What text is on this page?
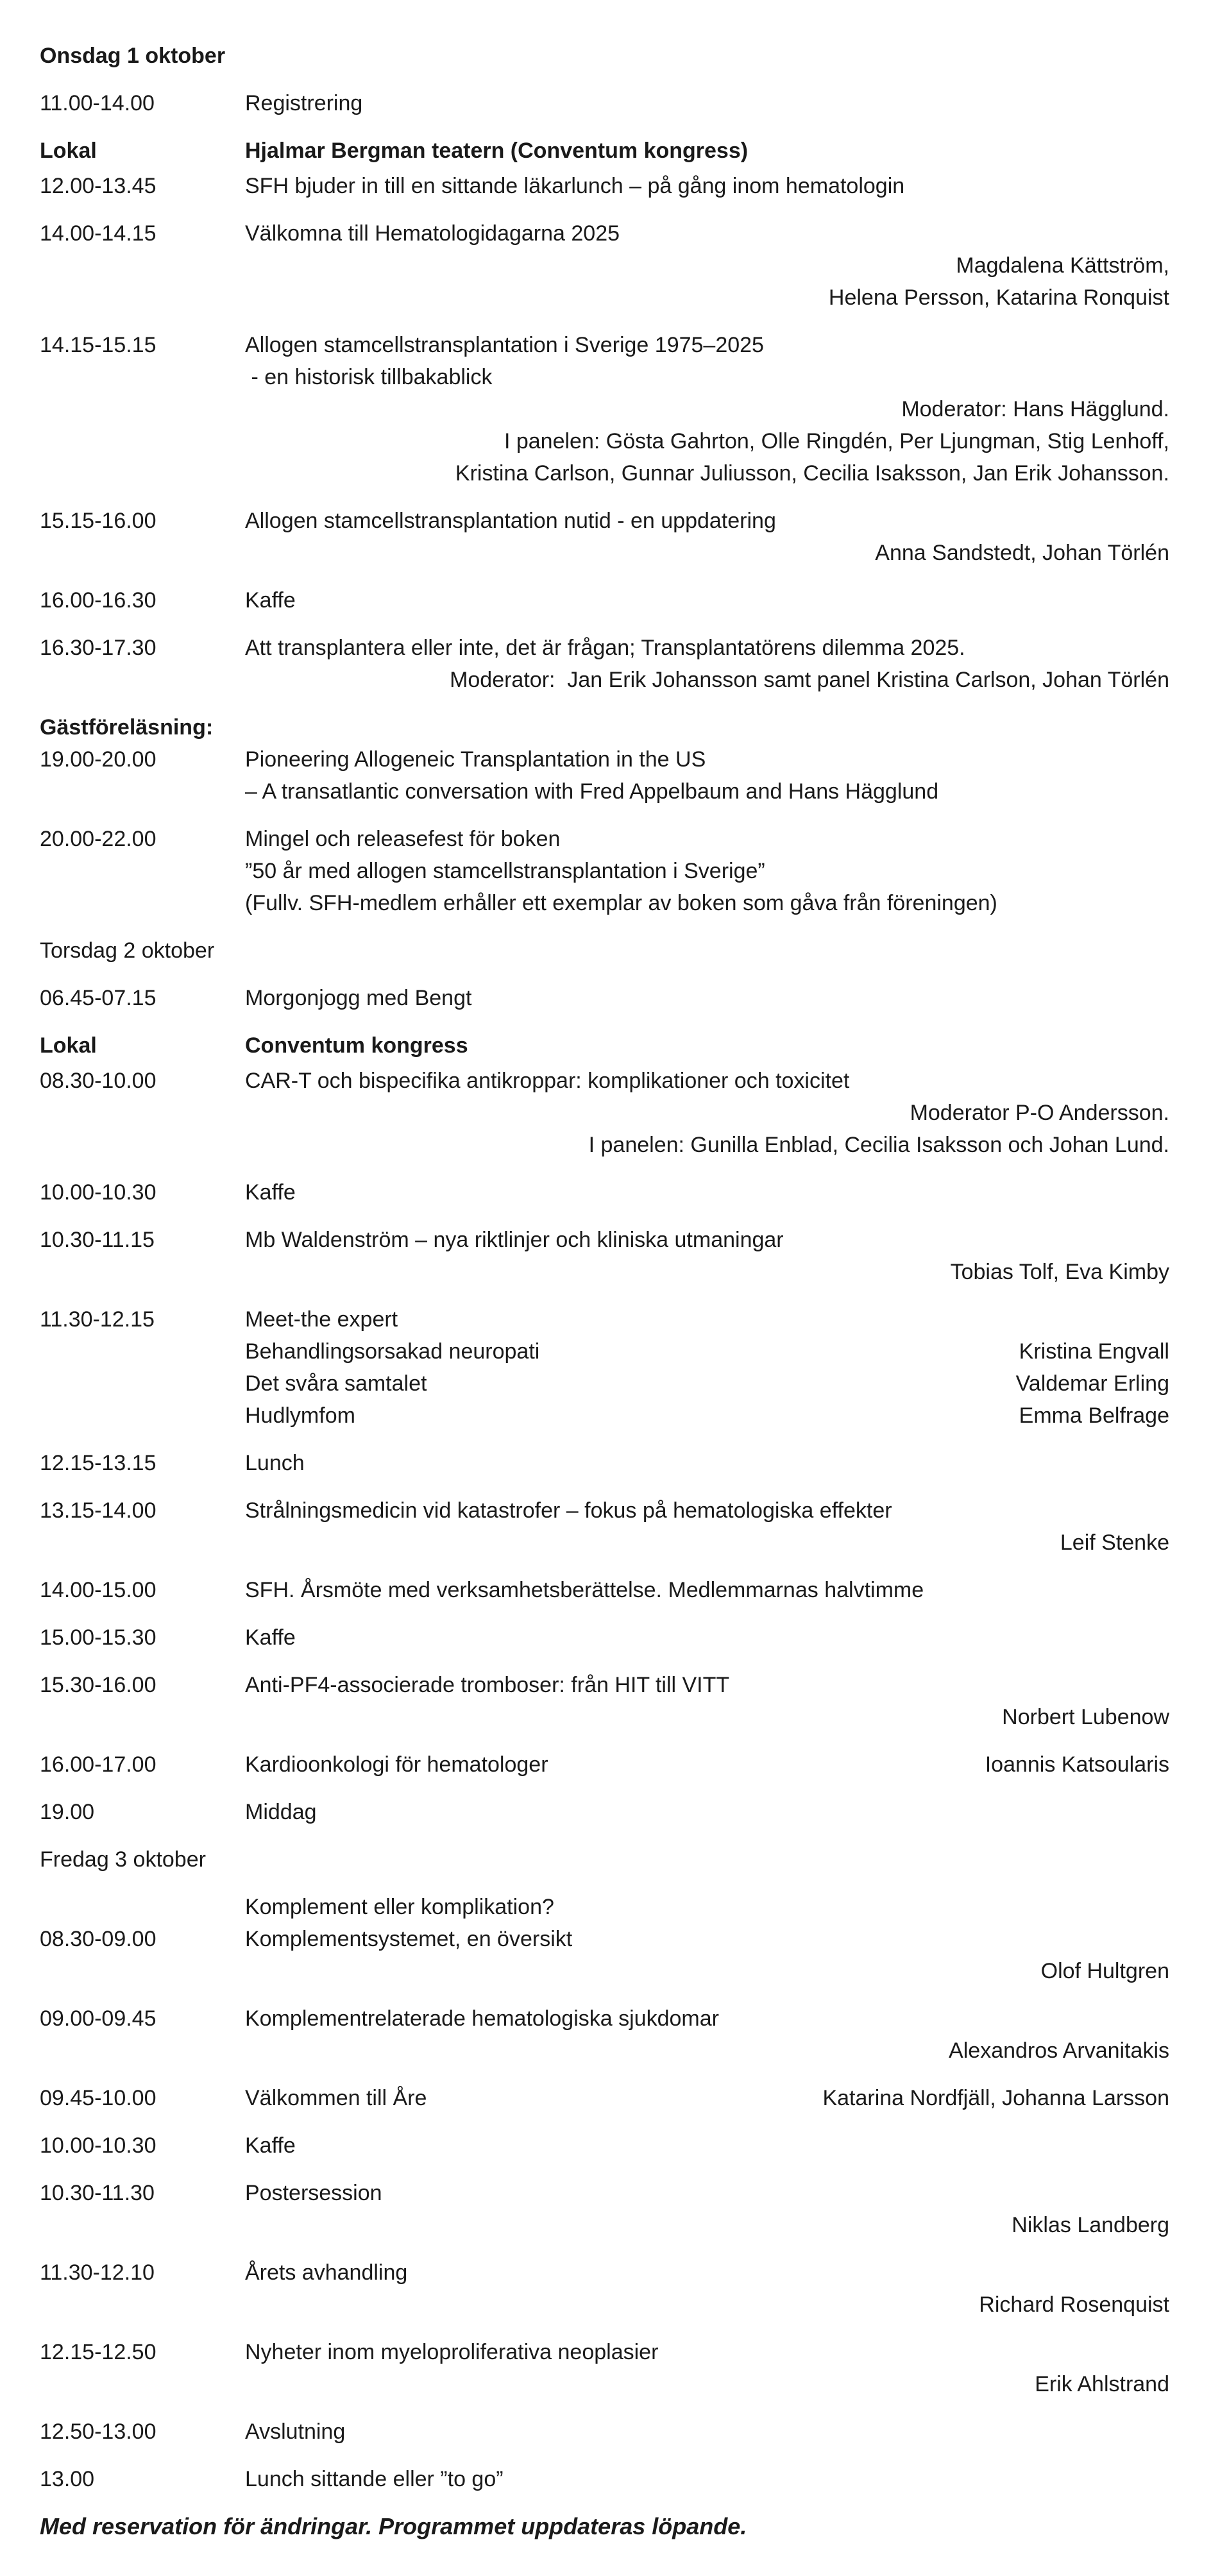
Onsdag 1 oktober
11.00-14.00	Registrering
Lokal	Hjalmar Bergman teatern (Conventum kongress)
12.00-13.45	SFH bjuder in till en sittande läkarlunch – på gång inom hematologin
14.00-14.15	Välkomna till Hematologidagarna 2025
Magdalena Kättström,
Helena Persson, Katarina Ronquist
14.15-15.15	Allogen stamcellstransplantation i Sverige 1975–2025
- en historisk tillbakablick
Moderator: Hans Hägglund.
I panelen: Gösta Gahrton, Olle Ringdén, Per Ljungman, Stig Lenhoff,
Kristina Carlson, Gunnar Juliusson, Cecilia Isaksson, Jan Erik Johansson.
15.15-16.00	Allogen stamcellstransplantation nutid - en uppdatering
Anna Sandstedt, Johan Törlén
16.00-16.30	Kaffe
16.30-17.30	Att transplantera eller inte, det är frågan; Transplantatörens dilemma 2025.
Moderator:  Jan Erik Johansson samt panel Kristina Carlson, Johan Törlén
Gästföreläsning:
19.00-20.00	Pioneering Allogeneic Transplantation in the US
– A transatlantic conversation with Fred Appelbaum and Hans Hägglund
20.00-22.00	Mingel och releasefest för boken
”50 år med allogen stamcellstransplantation i Sverige”
(Fullv. SFH-medlem erhåller ett exemplar av boken som gåva från föreningen)
Torsdag 2 oktober
06.45-07.15	Morgonjogg med Bengt
Lokal	Conventum kongress
08.30-10.00	CAR-T och bispecifika antikroppar: komplikationer och toxicitet
Moderator P-O Andersson.
I panelen: Gunilla Enblad, Cecilia Isaksson och Johan Lund.
10.00-10.30	Kaffe
10.30-11.15	Mb Waldenström – nya riktlinjer och kliniska utmaningar
Tobias Tolf, Eva Kimby
11.30-12.15	Meet-the expert
Behandlingsorsakad neuropati	Kristina Engvall
Det svåra samtalet	Valdemar Erling
Hudlymfom	Emma Belfrage
12.15-13.15	Lunch
13.15-14.00	Strålningsmedicin vid katastrofer – fokus på hematologiska effekter
Leif Stenke
14.00-15.00	SFH. Årsmöte med verksamhetsberättelse. Medlemmarnas halvtimme
15.00-15.30	Kaffe
15.30-16.00	Anti-PF4-associerade tromboser: från HIT till VITT
Norbert Lubenow
16.00-17.00	Kardioonkologi för hematologer	Ioannis Katsoularis
19.00	Middag
Fredag 3 oktober
Komplement eller komplikation?
08.30-09.00	Komplementsystemet, en översikt
Olof Hultgren
09.00-09.45	Komplementrelaterade hematologiska sjukdomar
Alexandros Arvanitakis
09.45-10.00	Välkommen till Åre	Katarina Nordfjäll, Johanna Larsson
10.00-10.30	Kaffe
10.30-11.30	Postersession
Niklas Landberg
11.30-12.10	Årets avhandling
Richard Rosenquist
12.15-12.50	Nyheter inom myeloproliferativa neoplasier
Erik Ahlstrand
12.50-13.00	Avslutning
13.00	Lunch sittande eller ”to go”
Med reservation för ändringar. Programmet uppdateras löpande.
